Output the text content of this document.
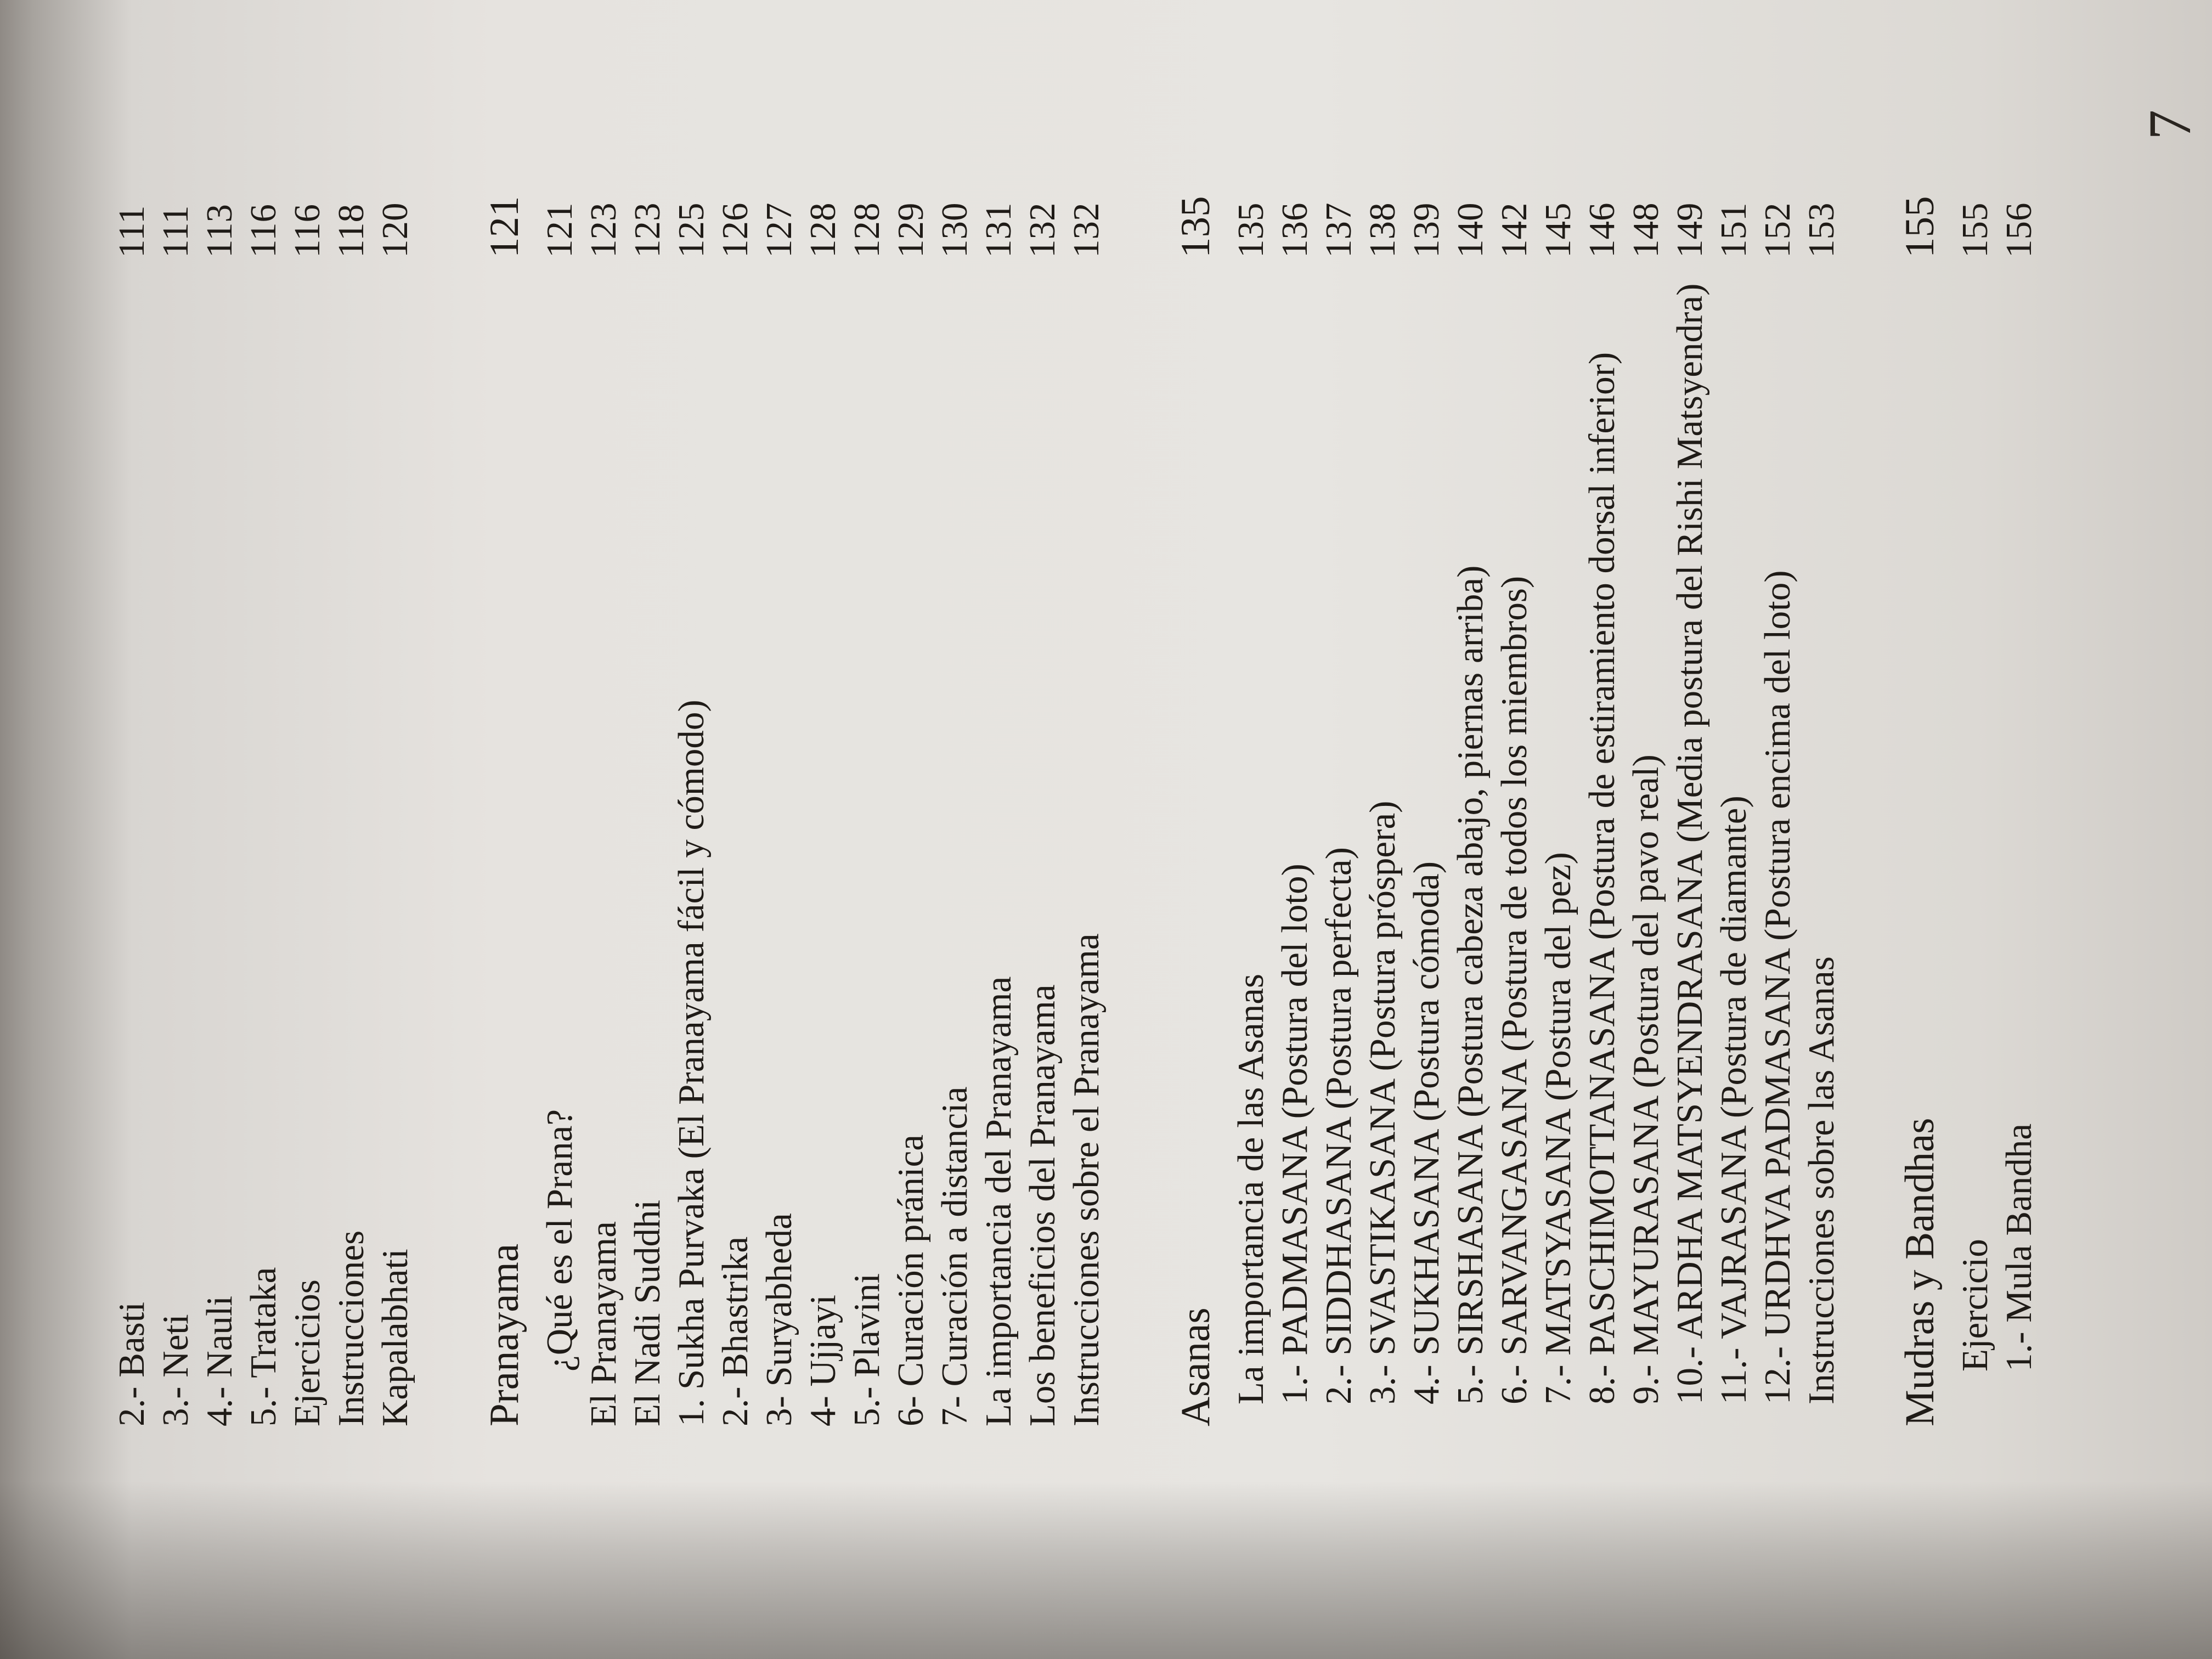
2.- Basti
111
3.- Neti
111
4.- Nauli
113
5.- Trataka
116
Ejercicios
116
Instrucciones
118
Kapalabhati
120
Pranayama
121
¿Qué es el Prana?
121
El Pranayama
123
El Nadi Suddhi
123
1. Sukha Purvaka (El Pranayama fácil y cómodo)
125
2.- Bhastrika
126
3- Suryabheda
127
4- Ujjayi
128
5.- Plavini
128
6- Curación pránica
129
7- Curación a distancia
130
La importancia del Pranayama
131
Los beneficios del Pranayama
132
Instrucciones sobre el Pranayama
132
Asanas
135
La importancia de las Asanas
135
1.- PADMASANA (Postura del loto)
136
2.- SIDDHASANA (Postura perfecta)
137
3.- SVASTIKASANA (Postura próspera)
138
4.- SUKHASANA (Postura cómoda)
139
5.- SIRSHASANA (Postura cabeza abajo, piernas arriba)
140
6.- SARVANGASANA (Postura de todos los miembros)
142
7.- MATSYASANA (Postura del pez)
145
8.- PASCHIMOTTANASANA (Postura de estiramiento dorsal inferior)
146
9.- MAYURASANA (Postura del pavo real)
148
10.- ARDHA MATSYENDRASANA (Media postura del Rishi Matsyendra)
149
11.- VAJRASANA (Postura de diamante)
151
12.- URDHVA PADMASANA (Postura encima del loto)
152
Instrucciones sobre las Asanas
153
Mudras y Bandhas
155
Ejercicio
155
1.- Mula Bandha
156
7
